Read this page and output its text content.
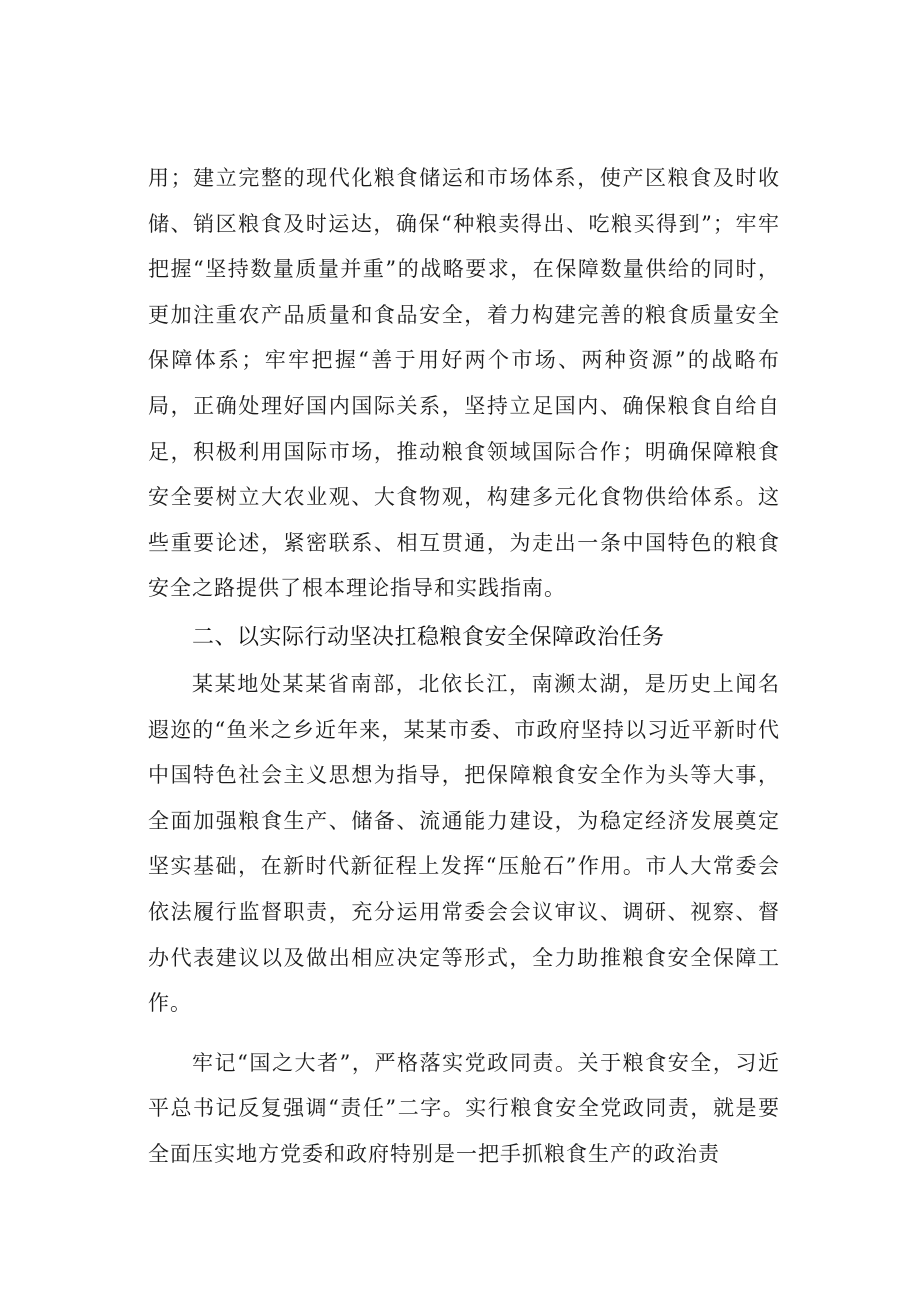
用；建立完整的现代化粮食储运和市场体系，使产区粮食及时收储、销区粮食及时运达，确保“种粮卖得出、吃粮买得到”；牢牢把握“坚持数量质量并重”的战略要求，在保障数量供给的同时，更加注重农产品质量和食品安全，着力构建完善的粮食质量安全保障体系；牢牢把握“善于用好两个市场、两种资源”的战略布局，正确处理好国内国际关系，坚持立足国内、确保粮食自给自足，积极利用国际市场，推动粮食领域国际合作；明确保障粮食安全要树立大农业观、大食物观，构建多元化食物供给体系。这些重要论述，紧密联系、相互贯通，为走出一条中国特色的粮食安全之路提供了根本理论指导和实践指南。

二、以实际行动坚决扛稳粮食安全保障政治任务

某某地处某某省南部，北依长江，南濒太湖，是历史上闻名遐迩的“鱼米之乡近年来，某某市委、市政府坚持以习近平新时代中国特色社会主义思想为指导，把保障粮食安全作为头等大事，全面加强粮食生产、储备、流通能力建设，为稳定经济发展奠定坚实基础，在新时代新征程上发挥“压舱石”作用。市人大常委会依法履行监督职责，充分运用常委会会议审议、调研、视察、督办代表建议以及做出相应决定等形式，全力助推粮食安全保障工作。

牢记“国之大者”，严格落实党政同责。关于粮食安全，习近平总书记反复强调“责任”二字。实行粮食安全党政同责，就是要全面压实地方党委和政府特别是一把手抓粮食生产的政治责
